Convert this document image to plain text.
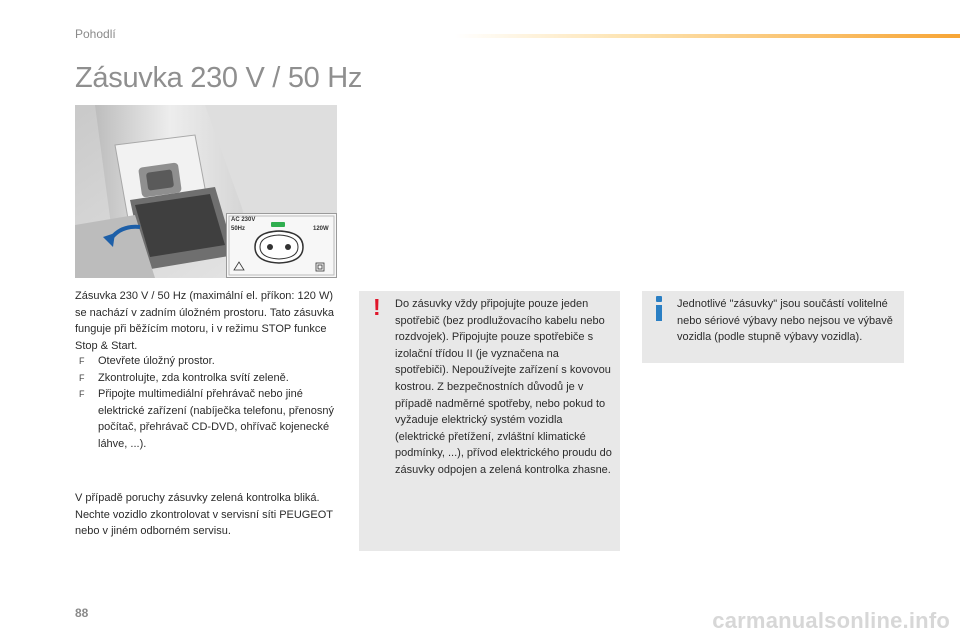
Pohodlí
Zásuvka 230 V / 50 Hz
AC 230V
50Hz	120W

Zásuvka 230 V / 50 Hz (maximální el. příkon: 120 W) se nachází v zadním úložném prostoru. Tato zásuvka funguje při běžícím motoru, i v režimu STOP funkce Stop & Start.

F Otevřete úložný prostor.
F Zkontrolujte, zda kontrolka svítí zeleně.
F Připojte multimediální přehrávač nebo jiné elektrické zařízení (nabíječka telefonu, přenosný počítač, přehrávač CD-DVD, ohřívač kojenecké láhve, ...).

V případě poruchy zásuvky zelená kontrolka bliká. Nechte vozidlo zkontrolovat v servisní síti PEUGEOT nebo v jiném odborném servisu.

! Do zásuvky vždy připojujte pouze jeden spotřebič (bez prodlužovacího kabelu nebo rozdvojek). Připojujte pouze spotřebiče s izolační třídou II (je vyznačena na spotřebiči). Nepoužívejte zařízení s kovovou kostrou. Z bezpečnostních důvodů je v případě nadměrné spotřeby, nebo pokud to vyžaduje elektrický systém vozidla (elektrické přetížení, zvláštní klimatické podmínky, ...), přívod elektrického proudu do zásuvky odpojen a zelená kontrolka zhasne.

Jednotlivé "zásuvky" jsou součástí volitelné nebo sériové výbavy nebo nejsou ve výbavě vozidla (podle stupně výbavy vozidla).

88	carmanualsonline.info
